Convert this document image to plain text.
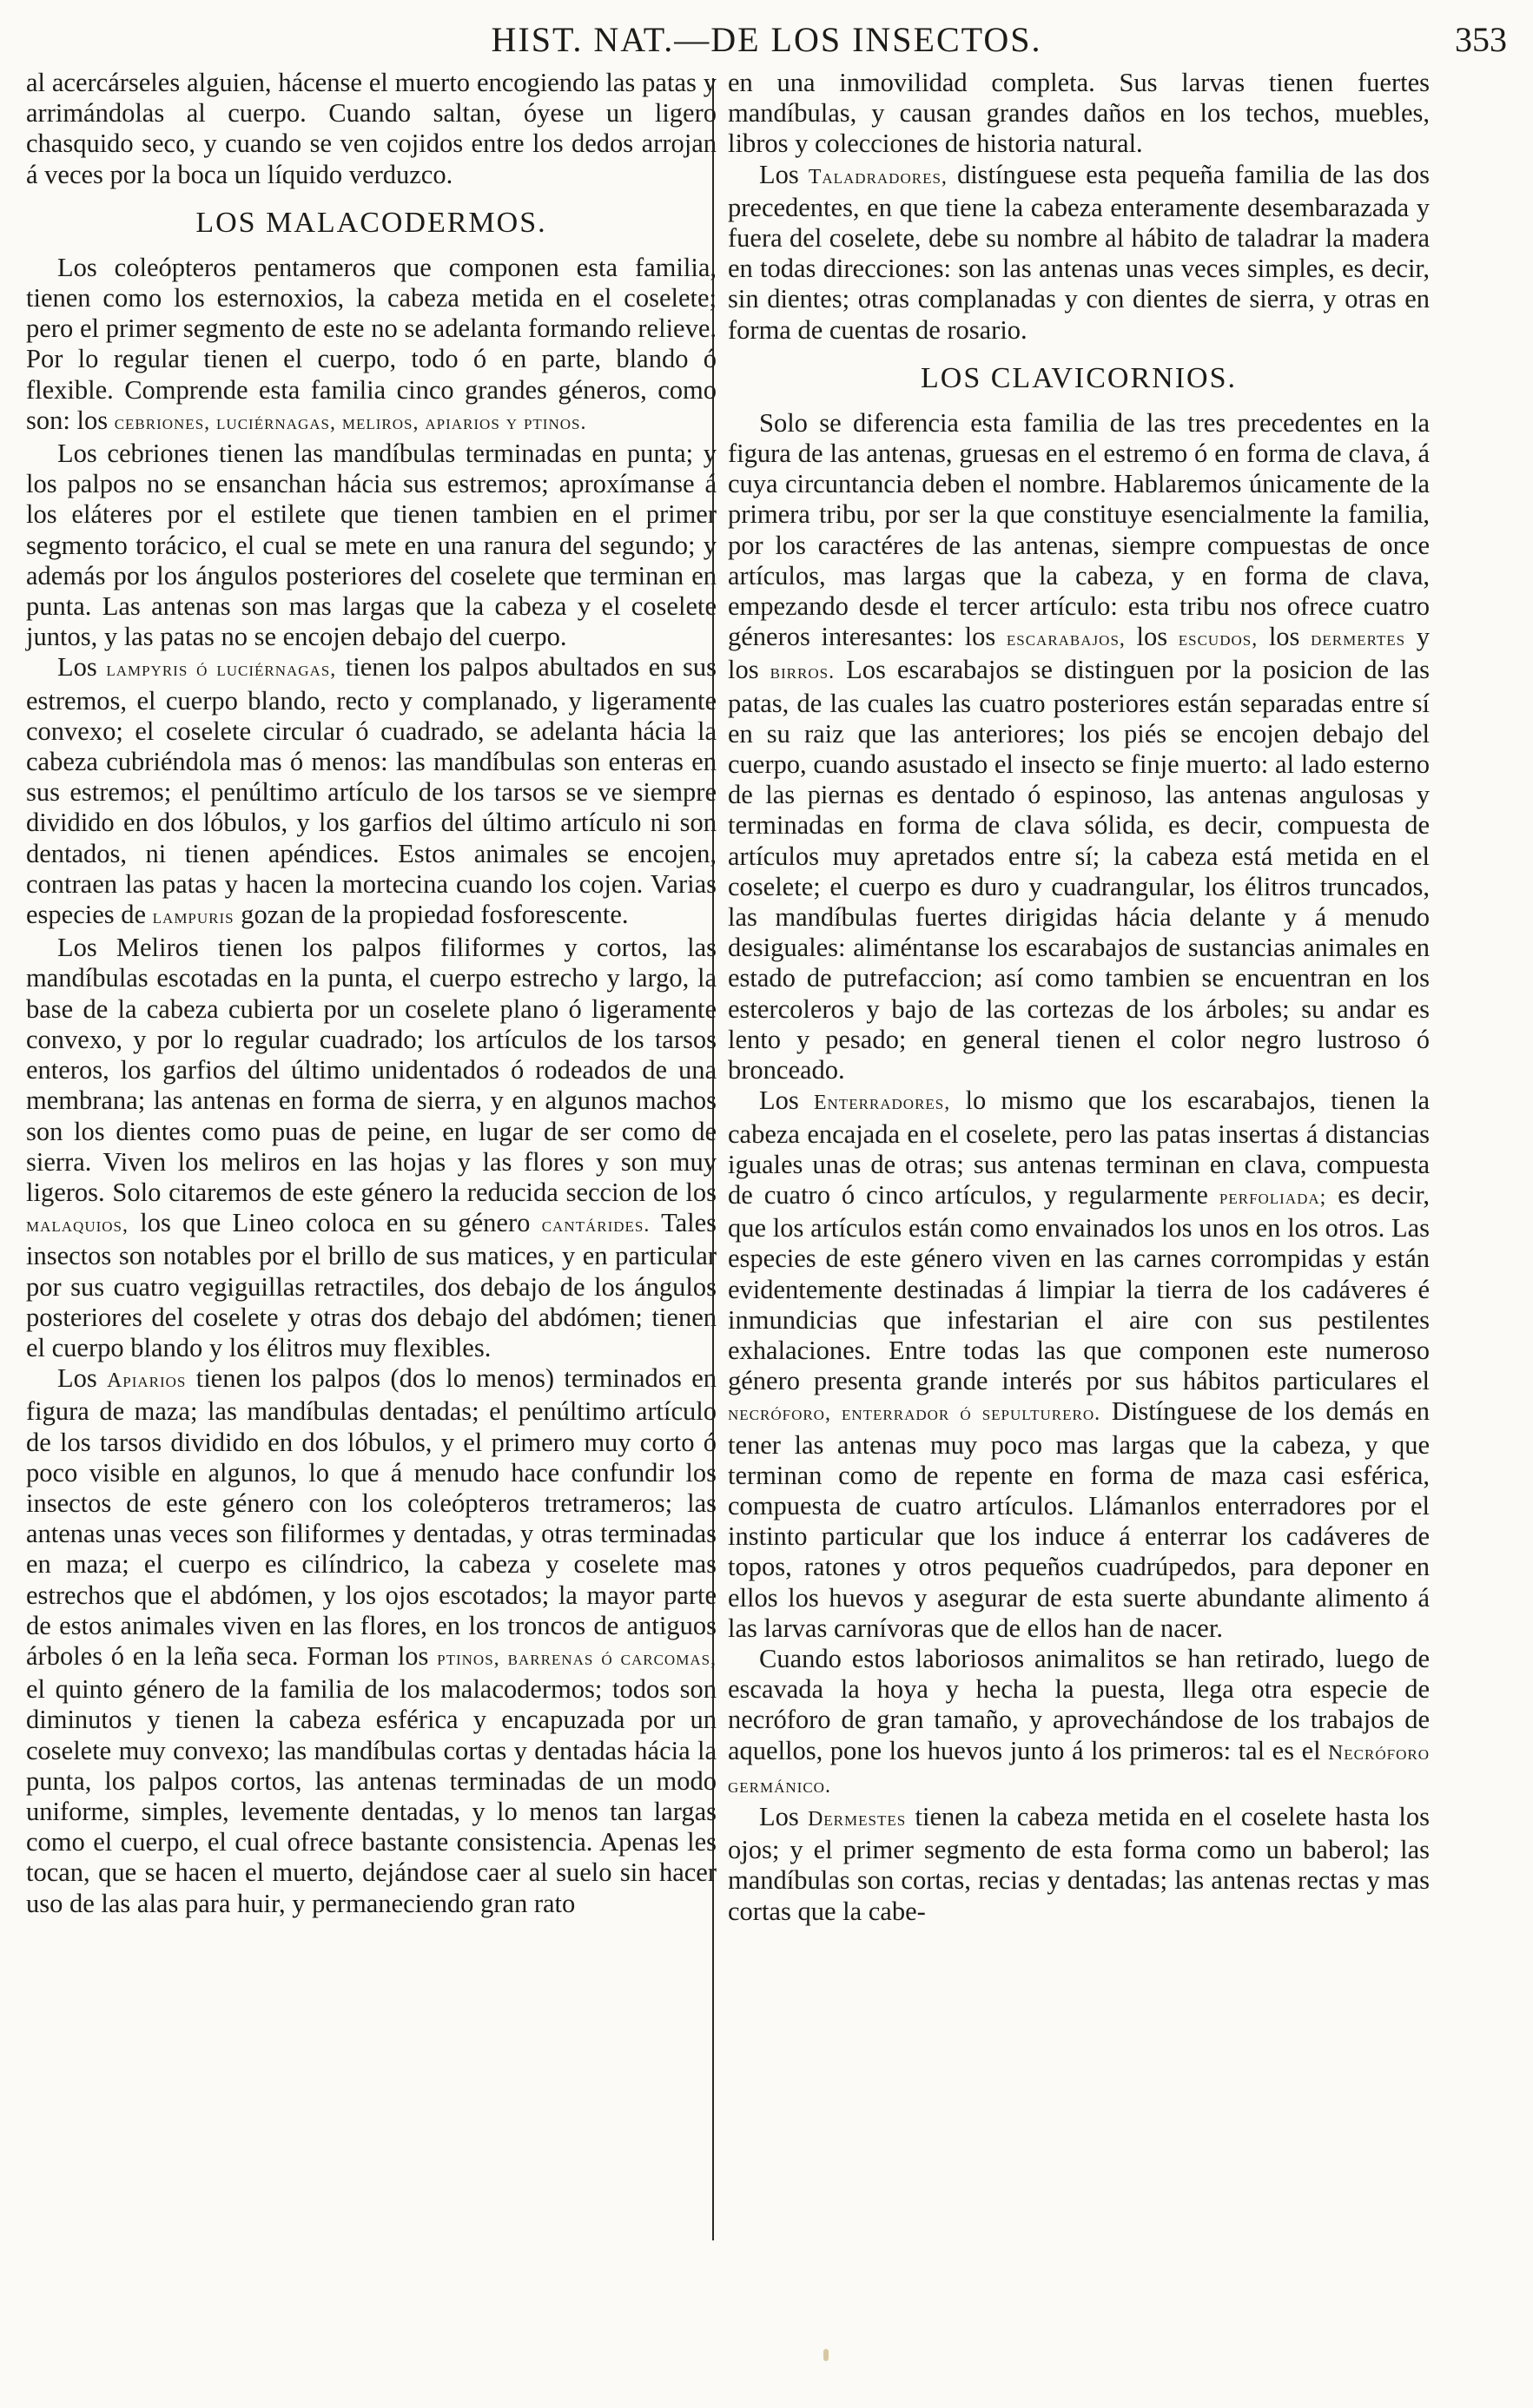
HIST. NAT.—DE LOS INSECTOS.	353

al acercárseles alguien, hácense el muerto encogiendo las patas y arrimándolas al cuerpo. Cuando saltan, óyese un ligero chasquido seco, y cuando se ven cojidos entre los dedos arrojan á veces por la boca un líquido verduzco.

LOS MALACODERMOS.

Los coleópteros pentameros que componen esta familia, tienen como los esternoxios, la cabeza metida en el coselete; pero el primer segmento de este no se adelanta formando relieve. Por lo regular tienen el cuerpo, todo ó en parte, blando ó flexible. Comprende esta familia cinco grandes géneros, como son: los cebriones, luciérnagas, meliros, apiarios y ptinos.

Los cebriones tienen las mandíbulas terminadas en punta; y los palpos no se ensanchan hácia sus estremos; aproxímanse á los eláteres por el estilete que tienen tambien en el primer segmento torácico, el cual se mete en una ranura del segundo; y además por los ángulos posteriores del coselete que terminan en punta. Las antenas son mas largas que la cabeza y el coselete juntos, y las patas no se encojen debajo del cuerpo.

Los lampyris ó luciérnagas, tienen los palpos abultados en sus estremos, el cuerpo blando, recto y complanado, y ligeramente convexo; el coselete circular ó cuadrado, se adelanta hácia la cabeza cubriéndola mas ó menos: las mandíbulas son enteras en sus estremos; el penúltimo artículo de los tarsos se ve siempre dividido en dos lóbulos, y los garfios del último artículo ni son dentados, ni tienen apéndices. Estos animales se encojen, contraen las patas y hacen la mortecina cuando los cojen. Varias especies de lampuris gozan de la propiedad fosforescente.

Los Meliros tienen los palpos filiformes y cortos, las mandíbulas escotadas en la punta, el cuerpo estrecho y largo, la base de la cabeza cubierta por un coselete plano ó ligeramente convexo, y por lo regular cuadrado; los artículos de los tarsos enteros, los garfios del último unidentados ó rodeados de una membrana; las antenas en forma de sierra, y en algunos machos son los dientes como puas de peine, en lugar de ser como de sierra. Viven los meliros en las hojas y las flores y son muy ligeros. Solo citaremos de este género la reducida seccion de los malaquios, los que Lineo coloca en su género cantárides. Tales insectos son notables por el brillo de sus matices, y en particular por sus cuatro vegiguillas retractiles, dos debajo de los ángulos posteriores del coselete y otras dos debajo del abdómen; tienen el cuerpo blando y los élitros muy flexibles.

Los Apiarios tienen los palpos (dos lo menos) terminados en figura de maza; las mandíbulas dentadas; el penúltimo artículo de los tarsos dividido en dos lóbulos, y el primero muy corto ó poco visible en algunos, lo que á menudo hace confundir los insectos de este género con los coleópteros tretrameros; las antenas unas veces son filiformes y dentadas, y otras terminadas en maza; el cuerpo es cilíndrico, la cabeza y coselete mas estrechos que el abdómen, y los ojos escotados; la mayor parte de estos animales viven en las flores, en los troncos de antiguos árboles ó en la leña seca. Forman los ptinos, barrenas ó carcomas, el quinto género de la familia de los malacodermos; todos son diminutos y tienen la cabeza esférica y encapuzada por un coselete muy convexo; las mandíbulas cortas y dentadas hácia la punta, los palpos cortos, las antenas terminadas de un modo uniforme, simples, levemente dentadas, y lo menos tan largas como el cuerpo, el cual ofrece bastante consistencia. Apenas les tocan, que se hacen el muerto, dejándose caer al suelo sin hacer uso de las alas para huir, y permaneciendo gran rato

en una inmovilidad completa. Sus larvas tienen fuertes mandíbulas, y causan grandes daños en los techos, muebles, libros y colecciones de historia natural.

Los Taladradores, distínguese esta pequeña familia de las dos precedentes, en que tiene la cabeza enteramente desembarazada y fuera del coselete, debe su nombre al hábito de taladrar la madera en todas direcciones: son las antenas unas veces simples, es decir, sin dientes; otras complanadas y con dientes de sierra, y otras en forma de cuentas de rosario.

LOS CLAVICORNIOS.

Solo se diferencia esta familia de las tres precedentes en la figura de las antenas, gruesas en el estremo ó en forma de clava, á cuya circuntancia deben el nombre. Hablaremos únicamente de la primera tribu, por ser la que constituye esencialmente la familia, por los caractéres de las antenas, siempre compuestas de once artículos, mas largas que la cabeza, y en forma de clava, empezando desde el tercer artículo: esta tribu nos ofrece cuatro géneros interesantes: los escarabajos, los escudos, los dermertes y los birros. Los escarabajos se distinguen por la posicion de las patas, de las cuales las cuatro posteriores están separadas entre sí en su raiz que las anteriores; los piés se encojen debajo del cuerpo, cuando asustado el insecto se finje muerto: al lado esterno de las piernas es dentado ó espinoso, las antenas angulosas y terminadas en forma de clava sólida, es decir, compuesta de artículos muy apretados entre sí; la cabeza está metida en el coselete; el cuerpo es duro y cuadrangular, los élitros truncados, las mandíbulas fuertes dirigidas hácia delante y á menudo desiguales: aliméntanse los escarabajos de sustancias animales en estado de putrefaccion; así como tambien se encuentran en los estercoleros y bajo de las cortezas de los árboles; su andar es lento y pesado; en general tienen el color negro lustroso ó bronceado.

Los Enterradores, lo mismo que los escarabajos, tienen la cabeza encajada en el coselete, pero las patas insertas á distancias iguales unas de otras; sus antenas terminan en clava, compuesta de cuatro ó cinco artículos, y regularmente perfoliada; es decir, que los artículos están como envainados los unos en los otros. Las especies de este género viven en las carnes corrompidas y están evidentemente destinadas á limpiar la tierra de los cadáveres é inmundicias que infestarian el aire con sus pestilentes exhalaciones. Entre todas las que componen este numeroso género presenta grande interés por sus hábitos particulares el necróforo, enterrador ó sepulturero. Distínguese de los demás en tener las antenas muy poco mas largas que la cabeza, y que terminan como de repente en forma de maza casi esférica, compuesta de cuatro artículos. Llámanlos enterradores por el instinto particular que los induce á enterrar los cadáveres de topos, ratones y otros pequeños cuadrúpedos, para deponer en ellos los huevos y asegurar de esta suerte abundante alimento á las larvas carnívoras que de ellos han de nacer.

Cuando estos laboriosos animalitos se han retirado, luego de escavada la hoya y hecha la puesta, llega otra especie de necróforo de gran tamaño, y aprovechándose de los trabajos de aquellos, pone los huevos junto á los primeros: tal es el Necróforo germánico.

Los Dermestes tienen la cabeza metida en el coselete hasta los ojos; y el primer segmento de esta forma como un baberol; las mandíbulas son cortas, recias y dentadas; las antenas rectas y mas cortas que la cabe-
